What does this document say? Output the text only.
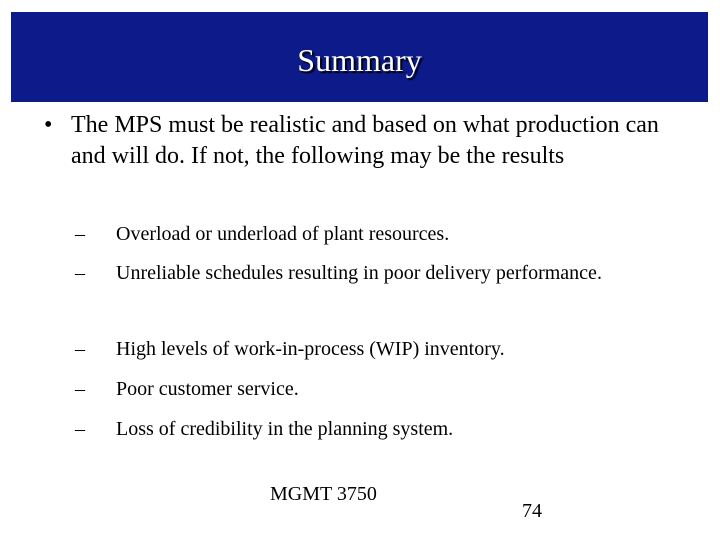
Summary
• The MPS must be realistic and based on what production can and will do. If not, the following may be the results
– Overload or underload of plant resources.
– Unreliable schedules resulting in poor delivery performance.
– High levels of work-in-process (WIP) inventory.
– Poor customer service.
– Loss of credibility in the planning system.
MGMT 3750
74
